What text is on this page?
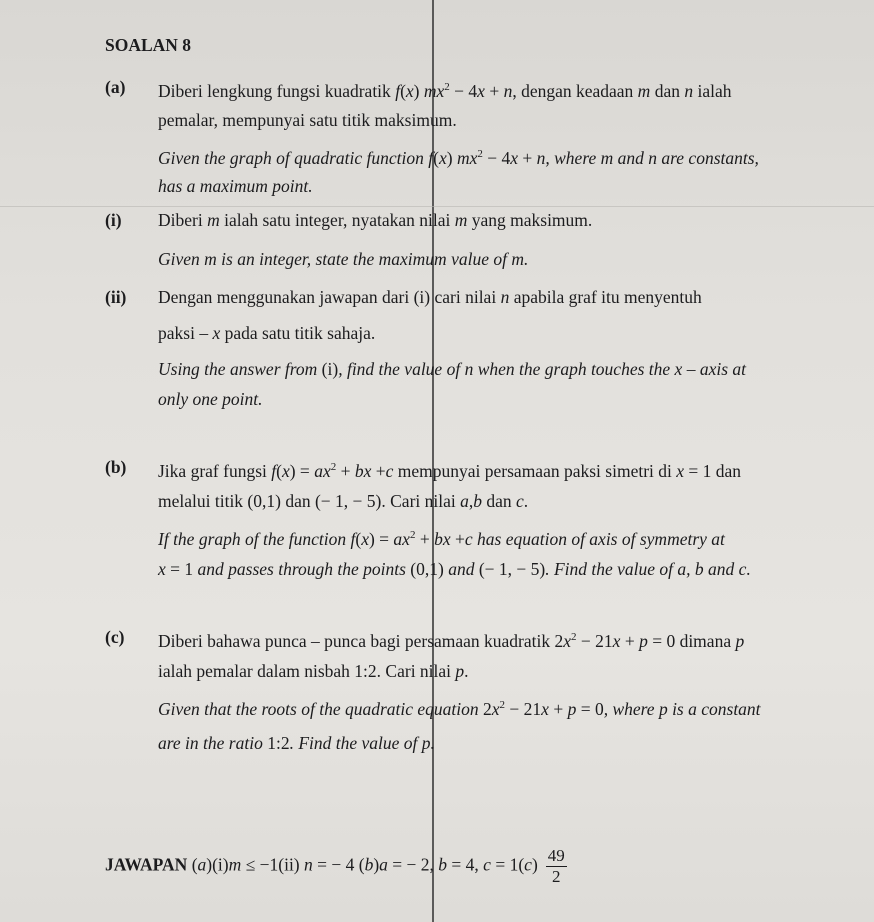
SOALAN 8
(a) Diberi lengkung fungsi kuadratik f(x) $mx^2 - 4x + n$, dengan keadaan m dan n ialah
pemalar, mempunyai satu titik maksimum.
Given the graph of quadratic function f(x) $mx^2 - 4x + n$, where m and n are constants,
has a maximum point.
(i) Diberi m ialah satu integer, nyatakan nilai m yang maksimum.
Given m is an integer, state the maximum value of m.
(ii) Dengan menggunakan jawapan dari (i) cari nilai n apabila graf itu menyentuh
paksi – x pada satu titik sahaja.
Using the answer from (i), find the value of n when the graph touches the x – axis at
only one point.
(b) Jika graf fungsi $f(x) = ax^2$ + bx +c mempunyai persamaan paksi simetri di x = 1 dan
melalui titik (0,1) dan (− 1, − 5). Cari nilai a,b dan c.
If the graph of the function $f(x) = ax^2$ + bx +c has equation of axis of symmetry at
x = 1 and passes through the points (0,1) and (− 1, − 5). Find the value of a, b and c.
(c) Diberi bahawa punca – punca bagi persamaan kuadratik $2x^2 - 21x + p = 0$ dimana p
ialah pemalar dalam nisbah 1:2. Cari nilai p.
Given that the roots of the quadratic equation $2x^2 - 21x + p = 0$, where p is a constant
are in the ratio 1:2. Find the value of p.
JAWAPAN (a)(i)m ≤ −1(ii) n = − 4 (b)a = − 2, b = 4, $c = 1(c) \frac{49}{2}$
